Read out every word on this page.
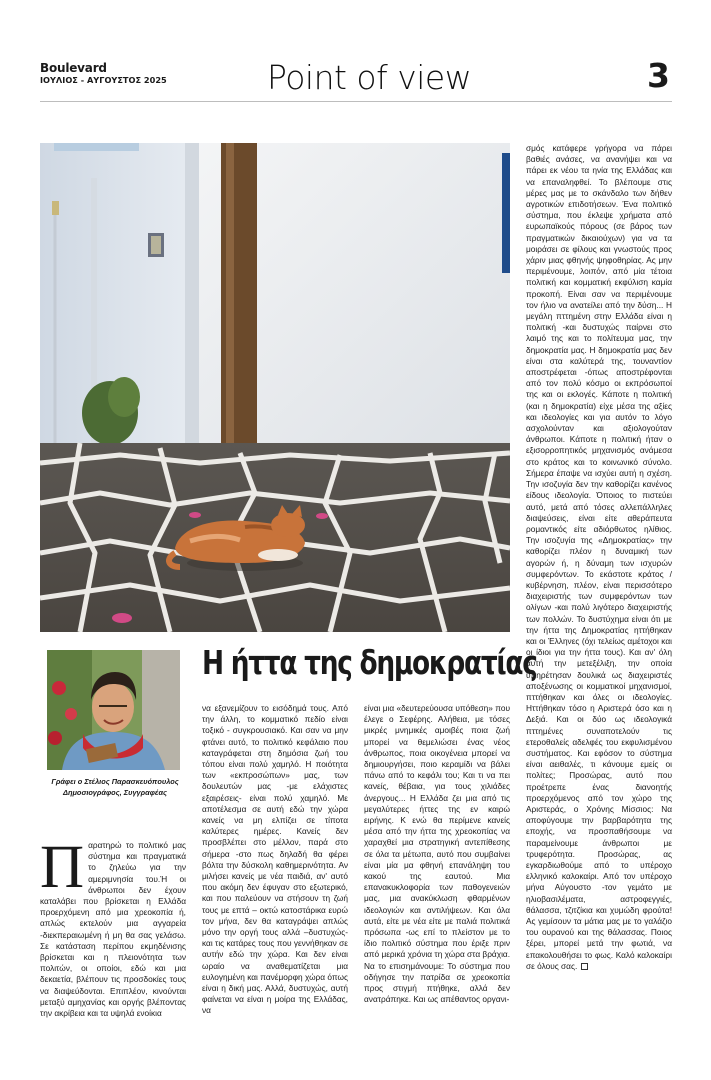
Boulevard
ΙΟΥΛΙΟΣ - ΑΥΓΟΥΣΤΟΣ 2025	Point of view	3
Η ήττα της δημοκρατίας
Γράφει ο Στέλιος Παρασκευόπουλος Δημοσιογράφος, Συγγραφέας
Π αρατηρώ το πολιτικό μας σύστημα και πραγματικά το ζηλεύω για την αμεριμνησία του.Ή οι άνθρωποι δεν έχουν καταλάβει που βρίσκεται η Ελλάδα προερχόμενη από μια χρεοκοπία ή, απλώς εκτελούν μια αγγαρεία -διεκπεραιωμένη ή μη θα σας γελάσω. Σε κατάσταση περίπου εκμηδένισης βρίσκεται και η πλειονότητα των πολιτών, οι οποίοι, εδώ και μια δεκαετία, βλέπουν τις προσδοκίες τους να διαψεύδονται. Επιπλέον, κινούνται μεταξύ αμηχανίας και οργής βλέποντας την ακρίβεια και τα υψηλά ενοίκια

να εξανεμίζουν το εισόδημά τους. Από την άλλη, το κομματικό πεδίο είναι τοξικό - συγκρουσιακό. Και σαν να μην φτάνει αυτό, το πολιτικό κεφάλαιο που καταγράφεται στη δημόσια ζωή του τόπου είναι πολύ χαμηλό. Η ποιότητα των «εκπροσώπων» μας, των δουλευτών μας -με ελάχιστες εξαιρέσεις- είναι πολύ χαμηλό. Με αποτέλεσμα σε αυτή εδώ την χώρα κανείς να μη ελπίζει σε τίποτα καλύτερες ημέρες. Κανείς δεν προσβλέπει στο μέλλον, παρά στο σήμερα -στο πως δηλαδή θα φέρει βόλτα την δύσκολη καθημερινότητα. Αν μιλήσει κανείς με νέα παιδιά, αν' αυτό που ακόμη δεν έφυγαν στο εξωτερικό, και που παλεύουν να στήσουν τη ζωή τους με επτά – οκτώ κατοστάρικα ευρώ τον μήνα, δεν θα καταγράψει απλώς μόνο την οργή τους αλλά –δυστυχώς- και τις κατάρες τους που γεννήθηκαν σε αυτήν εδώ την χώρα. Και δεν είναι ωραίο να αναθεματίζεται μια ευλογημένη και πανέμορφη χώρα όπως είναι η δική μας. Αλλά, δυστυχώς, αυτή φαίνεται να είναι η μοίρα της Ελλάδας, να

είναι μια «δευτερεύουσα υπόθεση» που έλεγε ο Σεφέρης. Αλήθεια, με τόσες μικρές μνημικές αμοιβές ποια ζωή μπορεί να θεμελιώσει ένας νέος άνθρωπος, ποια οικογένεια μπορεί να δημιουργήσει, ποιο κεραμίδι να βάλει πάνω από το κεφάλι του; Και τι να πει κανείς, θέβαια, για τους χιλιάδες άνεργους... Η Ελλάδα ζει μια από τις μεγαλύτερες ήττες της εν καιρώ ειρήνης. Κ ενώ θα περίμενε κανείς μέσα από την ήττα της χρεοκοπίας να χαραχθεί μια στρατηγική αντεπίθεσης σε όλα τα μέτωπα, αυτό που συμβαίνει είναι μία μα φθηνή επανάληψη του κακού της εαυτού. Μια επανακυκλοφορία των παθογενειών μας, μια ανακύκλωση φθαρμένων ιδεολογιών και αντιλήψεων. Και όλα αυτά, είτε με νέα είτε με παλιά πολιτικά πρόσωπα -ως επί το πλείστον με το ίδιο πολιτικό σύστημα που έριξε πριν από μερικά χρόνια τη χώρα στα βράχια. Να το επισημάνουμε: Το σύστημα που οδήγησε την πατρίδα σε χρεοκοπία προς στιγμή πτήθηκε, αλλά δεν ανατράπηκε. Και ως απέθαντος οργανι-

σμός κατάφερε γρήγορα να πάρει βαθιές ανάσες, να ανανήψει και να πάρει εκ νέου τα ηνία της Ελλάδας και να επαναληφθεί. Το βλέπουμε στις μέρες μας με το σκάνδαλο των δήθεν αγροτικών επιδοτήσεων. Ένα πολιτικό σύστημα, που έκλεψε χρήματα από ευρωπαϊκούς πόρους (σε βάρος των πραγματικών δικαιούχων) για να τα μοιράσει σε φίλους και γνωστούς προς χάριν μιας φθηνής ψηφοθηρίας. Ας μην περιμένουμε, λοιπόν, από μία τέτοια πολιτική και κομματική εκφύλιση καμία προκοπή. Είναι σαν να περιμένουμε τον ήλιο να ανατείλει από την δύση... Η μεγάλη πττημένη στην Ελλάδα είναι η πολιτική -και δυστυχώς παίρνει στο λαιμό της και το πολίτευμα μας, την δημοκρατία μας. Η δημοκρατία μας δεν είναι στα καλύτερά της, τουναντίον αποστρέφεται -όπως αποστρέφονται από τον πολύ κόσμο οι εκπρόσωποί της και οι εκλογές. Κάποτε η πολιτική (και η δημοκρατία) είχε μέσα της αξίες και ιδεολογίες και για αυτόν το λόγο ασχολούνταν και αξιολογούταν άνθρωποι. Κάποτε η πολιτική ήταν ο εξισορροπητικός μηχανισμός ανάμεσα στο κράτος και το κοινωνικό σύνολο. Σήμερα έπαψε να ισχύει αυτή η σχέση. Την ισοζυγία δεν την καθορίζει κανένος είδους ιδεολογία. Όποιος το πιστεύει αυτό, μετά από τόσες αλλεπάλληλες διαψεύσεις, είναι είτε αθεράπευτα ρομαντικός είτε αδιόρθωτος ηλίθιος. Την ισοζυγία της «Δημοκρατίας» την καθορίζει πλέον η δυναμική των αγορών ή, η δύναμη των ισχυρών συμφερόντων. Το εκάστοτε κράτος / κυβέρνηση, πλέον, είναι περισσότερο διαχειριστής των συμφερόντων των ολίγων -και πολύ λιγότερο διαχειριστής των πολλών. Το δυστύχημα είναι ότι με την ήττα της Δημοκρατίας ηττήθηκαν και οι Έλληνες (όχι τελείως αμέτοχοι και οι ίδιοι για την ήττα τους). Και αν' όλη αυτή την μετεξέλιξη, την οποία υπηρέτησαν δουλικά ως διαχειριστές αποξένωσης οι κομματικοί μηχανισμοί, πττήθηκαν και όλες οι ιδεολογίες. Ηττήθηκαν τόσο η Αριστερά όσο και η Δεξιά. Και οι δύο ως ιδεολογικά πττημένες συναποτελούν τις ετεροθαλείς αδελφές του εκφυλισμένου συστήματος. Και εφόσον το σύστημα είναι αειθαλές, τι κάνουμε εμείς οι πολίτες; Προσώρας, αυτό που προέτρεπε ένας διανοητής προερχόμενος από τον χώρο της Αριστεράς, ο Χρόνης Μίσσιος: Να αποφύγουμε την βαρβαρότητα της εποχής, να προσπαθήσουμε να παραμείνουμε άνθρωποι με τρυφερότητα. Προσώρας, ας εγκαρδιωθούμε από το υπέροχο ελληνικό καλοκαίρι. Από τον υπέροχο μήνα Αύγουστο -τον γεμάτο με ηλιοβασιλέματα, αστροφεγγιές, θάλασσα, τζιτζίκια και χυμώδη φρούτα! Ας γεμίσουν τα μάτια μας με το γαλάζιο του ουρανού και της θάλασσας. Ποιος ξέρει, μπορεί μετά την φωτιά, να επακολουθήσει το φως. Καλό καλοκαίρι σε όλους σας.
